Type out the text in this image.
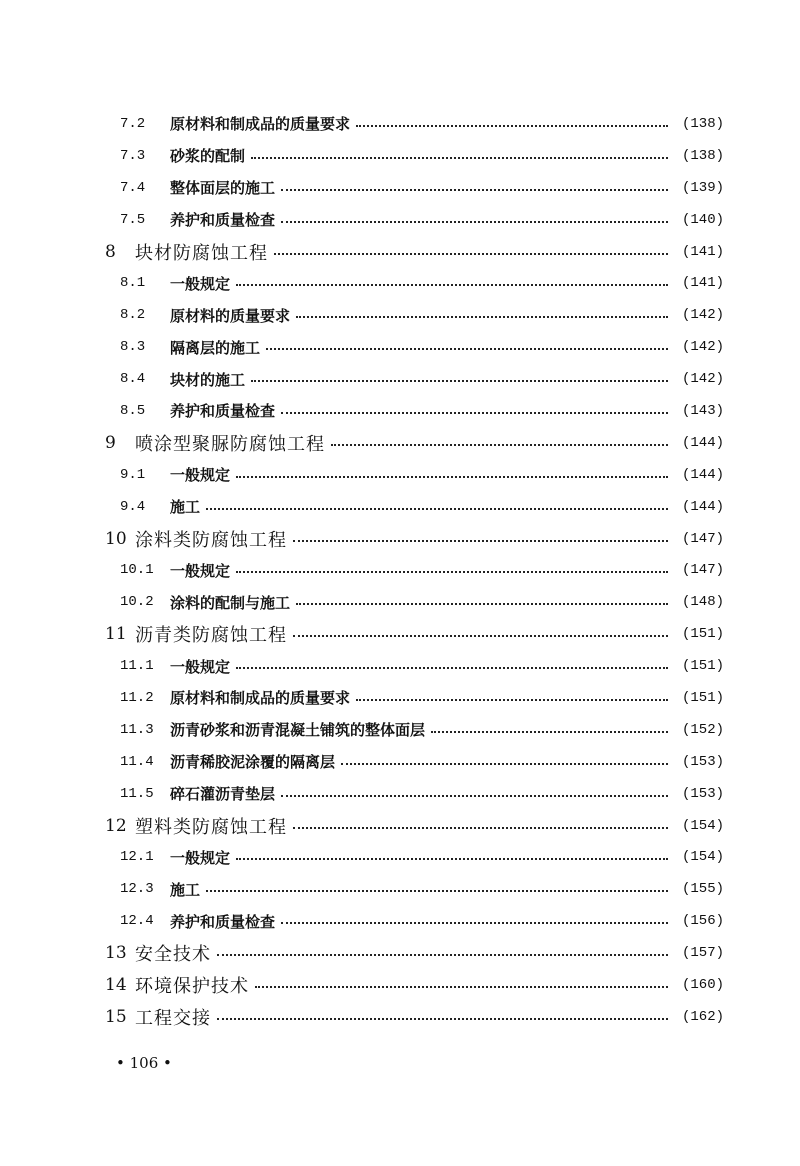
7.2	原材料和制成品的质量要求	(138)
7.3	砂浆的配制	(138)
7.4	整体面层的施工	(139)
7.5	养护和质量检查	(140)
8	块材防腐蚀工程	(141)
8.1	一般规定	(141)
8.2	原材料的质量要求	(142)
8.3	隔离层的施工	(142)
8.4	块材的施工	(142)
8.5	养护和质量检查	(143)
9	喷涂型聚脲防腐蚀工程	(144)
9.1	一般规定	(144)
9.4	施工	(144)
10 涂料类防腐蚀工程	(147)
10.1	一般规定	(147)
10.2	涂料的配制与施工	(148)
11 沥青类防腐蚀工程	(151)
11.1	一般规定	(151)
11.2	原材料和制成品的质量要求	(151)
11.3	沥青砂浆和沥青混凝土铺筑的整体面层	(152)
11.4	沥青稀胶泥涂覆的隔离层	(153)
11.5	碎石灌沥青垫层	(153)
12 塑料类防腐蚀工程	(154)
12.1	一般规定	(154)
12.3	施工	(155)
12.4	养护和质量检查	(156)
13 安全技术	(157)
14 环境保护技术	(160)
15 工程交接	(162)
• 106 •
